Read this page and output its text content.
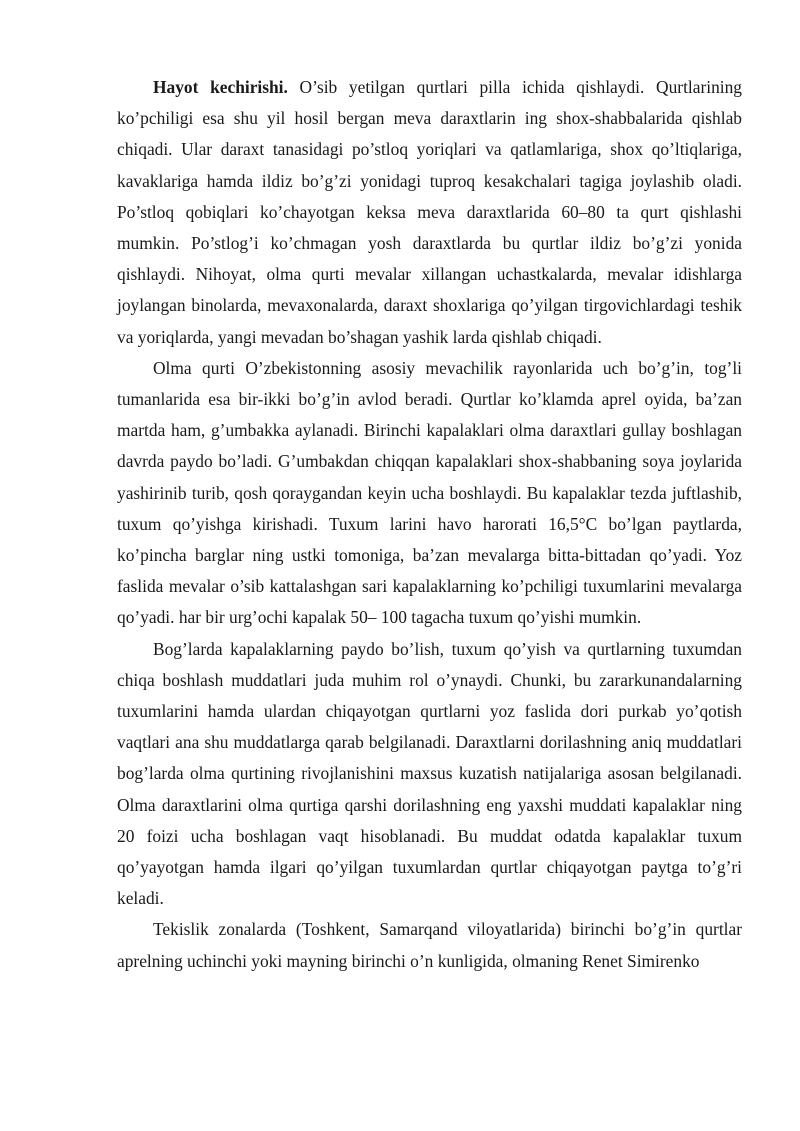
Hayot kechirishi. O’sib yetilgan qurtlari pilla ichida qishlaydi. Qurtlarining ko’pchiligi esa shu yil hosil bergan meva daraxtlarin ing shox-shabbalarida qishlab chiqadi. Ular daraxt tanasidagi po’stloq yoriqlari va qatlamlariga, shox qo’ltiqlariga, kavaklariga hamda ildiz bo’g’zi yonidagi tuproq kesakchalari tagiga joylashib oladi. Po’stloq qobiqlari ko’chayotgan keksa meva daraxtlarida 60–80 ta qurt qishlashi mumkin. Po’stlog’i ko’chmagan yosh daraxtlarda bu qurtlar ildiz bo’g’zi yonida qishlaydi. Nihoyat, olma qurti mevalar xillangan uchastkalarda, mevalar idishlarga joylangan binolarda, mevaxonalarda, daraxt shoxlariga qo’yilgan tirgovichlardagi teshik va yoriqlarda, yangi mevadan bo’shagan yashik larda qishlab chiqadi.

Olma qurti O’zbekistonning asosiy mevachilik rayonlarida uch bo’g’in, tog’li tumanlarida esa bir-ikki bo’g’in avlod beradi. Qurtlar ko’klamda aprel oyida, ba’zan martda ham, g’umbakka aylanadi. Birinchi kapalaklari olma daraxtlari gullay boshlagan davrda paydo bo’ladi. G’umbakdan chiqqan kapalaklari shox-shabbaning soya joylarida yashirinib turib, qosh qoraygandan keyin ucha boshlaydi. Bu kapalaklar tezda juftlashib, tuxum qo’yishga kirishadi. Tuxum larini havo harorati 16,5°C bo’lgan paytlarda, ko’pincha barglar ning ustki tomoniga, ba’zan mevalarga bitta-bittadan qo’yadi. Yoz faslida mevalar o’sib kattalashgan sari kapalaklarning ko’pchiligi tuxumlarini mevalarga qo’yadi. har bir urg’ochi kapalak 50– 100 tagacha tuxum qo’yishi mumkin.

Bog’larda kapalaklarning paydo bo’lish, tuxum qo’yish va qurtlarning tuxumdan chiqa boshlash muddatlari juda muhim rol o’ynaydi. Chunki, bu zararkunandalarning tuxumlarini hamda ulardan chiqayotgan qurtlarni yoz faslida dori purkab yo’qotish vaqtlari ana shu muddatlarga qarab belgilanadi. Daraxtlarni dorilashning aniq muddatlari bog’larda olma qurtining rivojlanishini maxsus kuzatish natijalariga asosan belgilanadi. Olma daraxtlarini olma qurtiga qarshi dorilashning eng yaxshi muddati kapalaklar ning 20 foizi ucha boshlagan vaqt hisoblanadi. Bu muddat odatda kapalaklar tuxum qo’yayotgan hamda ilgari qo’yilgan tuxumlardan qurtlar chiqayotgan paytga to’g’ri keladi.

Tekislik zonalarda (Toshkent, Samarqand viloyatlarida) birinchi bo’g’in qurtlar aprelning uchinchi yoki mayning birinchi o’n kunligida, olmaning Renet Simirenko
